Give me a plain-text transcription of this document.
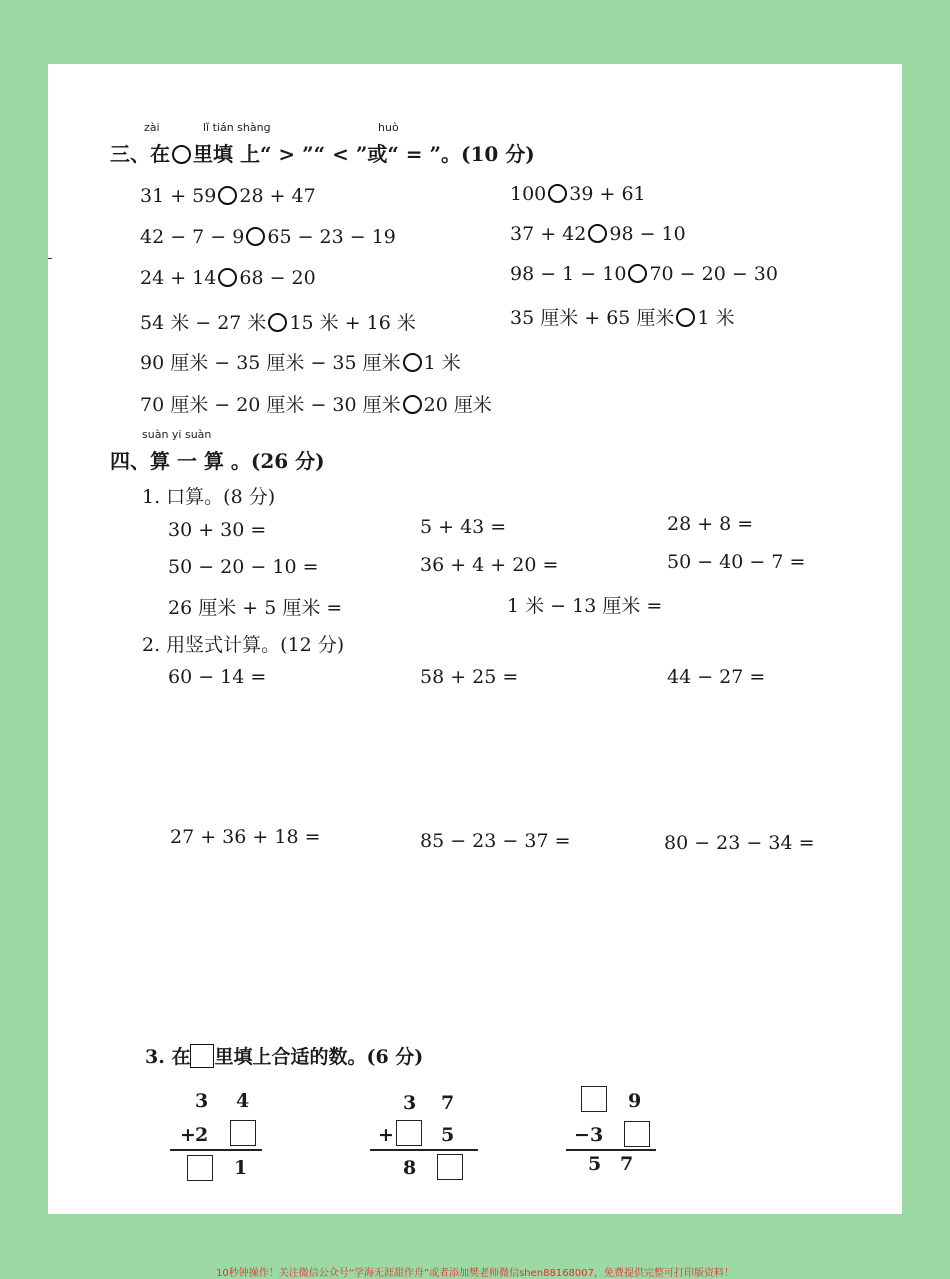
zài	lǐ tián shàng	huò
三、在 里填 上“ > ”“ < ”或“ = ”。(10 分)
31 + 59 28 + 47
42 − 7 − 9 65 − 23 − 19
24 + 14 68 − 20
54 米 − 27 米 15 米 + 16 米
90 厘米 − 35 厘米 − 35 厘米 1 米
70 厘米 − 20 厘米 − 30 厘米 20 厘米
100 39 + 61
37 + 42 98 − 10
98 − 1 − 10 70 − 20 − 30
35 厘米 + 65 厘米 1 米
suàn yi suàn
四、算 一 算 。(26 分)
1. 口算。(8 分)
30 + 30 =	5 + 43 =	28 + 8 =
50 − 20 − 10 =	36 + 4 + 20 =	50 − 40 − 7 =
26 厘米 + 5 厘米 =	1 米 − 13 厘米 =
2. 用竖式计算。(12 分)
60 − 14 =	58 + 25 =	44 − 27 =
27 + 36 + 18 =	85 − 23 − 37 =	80 − 23 − 34 =
3. 在 里填上合适的数。(6 分)
3 4
+ 2
1
3 7
+ 5
8
9
− 3
5 7
10秒钟操作！关注微信公众号“学海无涯甜作舟”或者添加樊老师微信shen88168007，免费提供完整可打印版资料！
